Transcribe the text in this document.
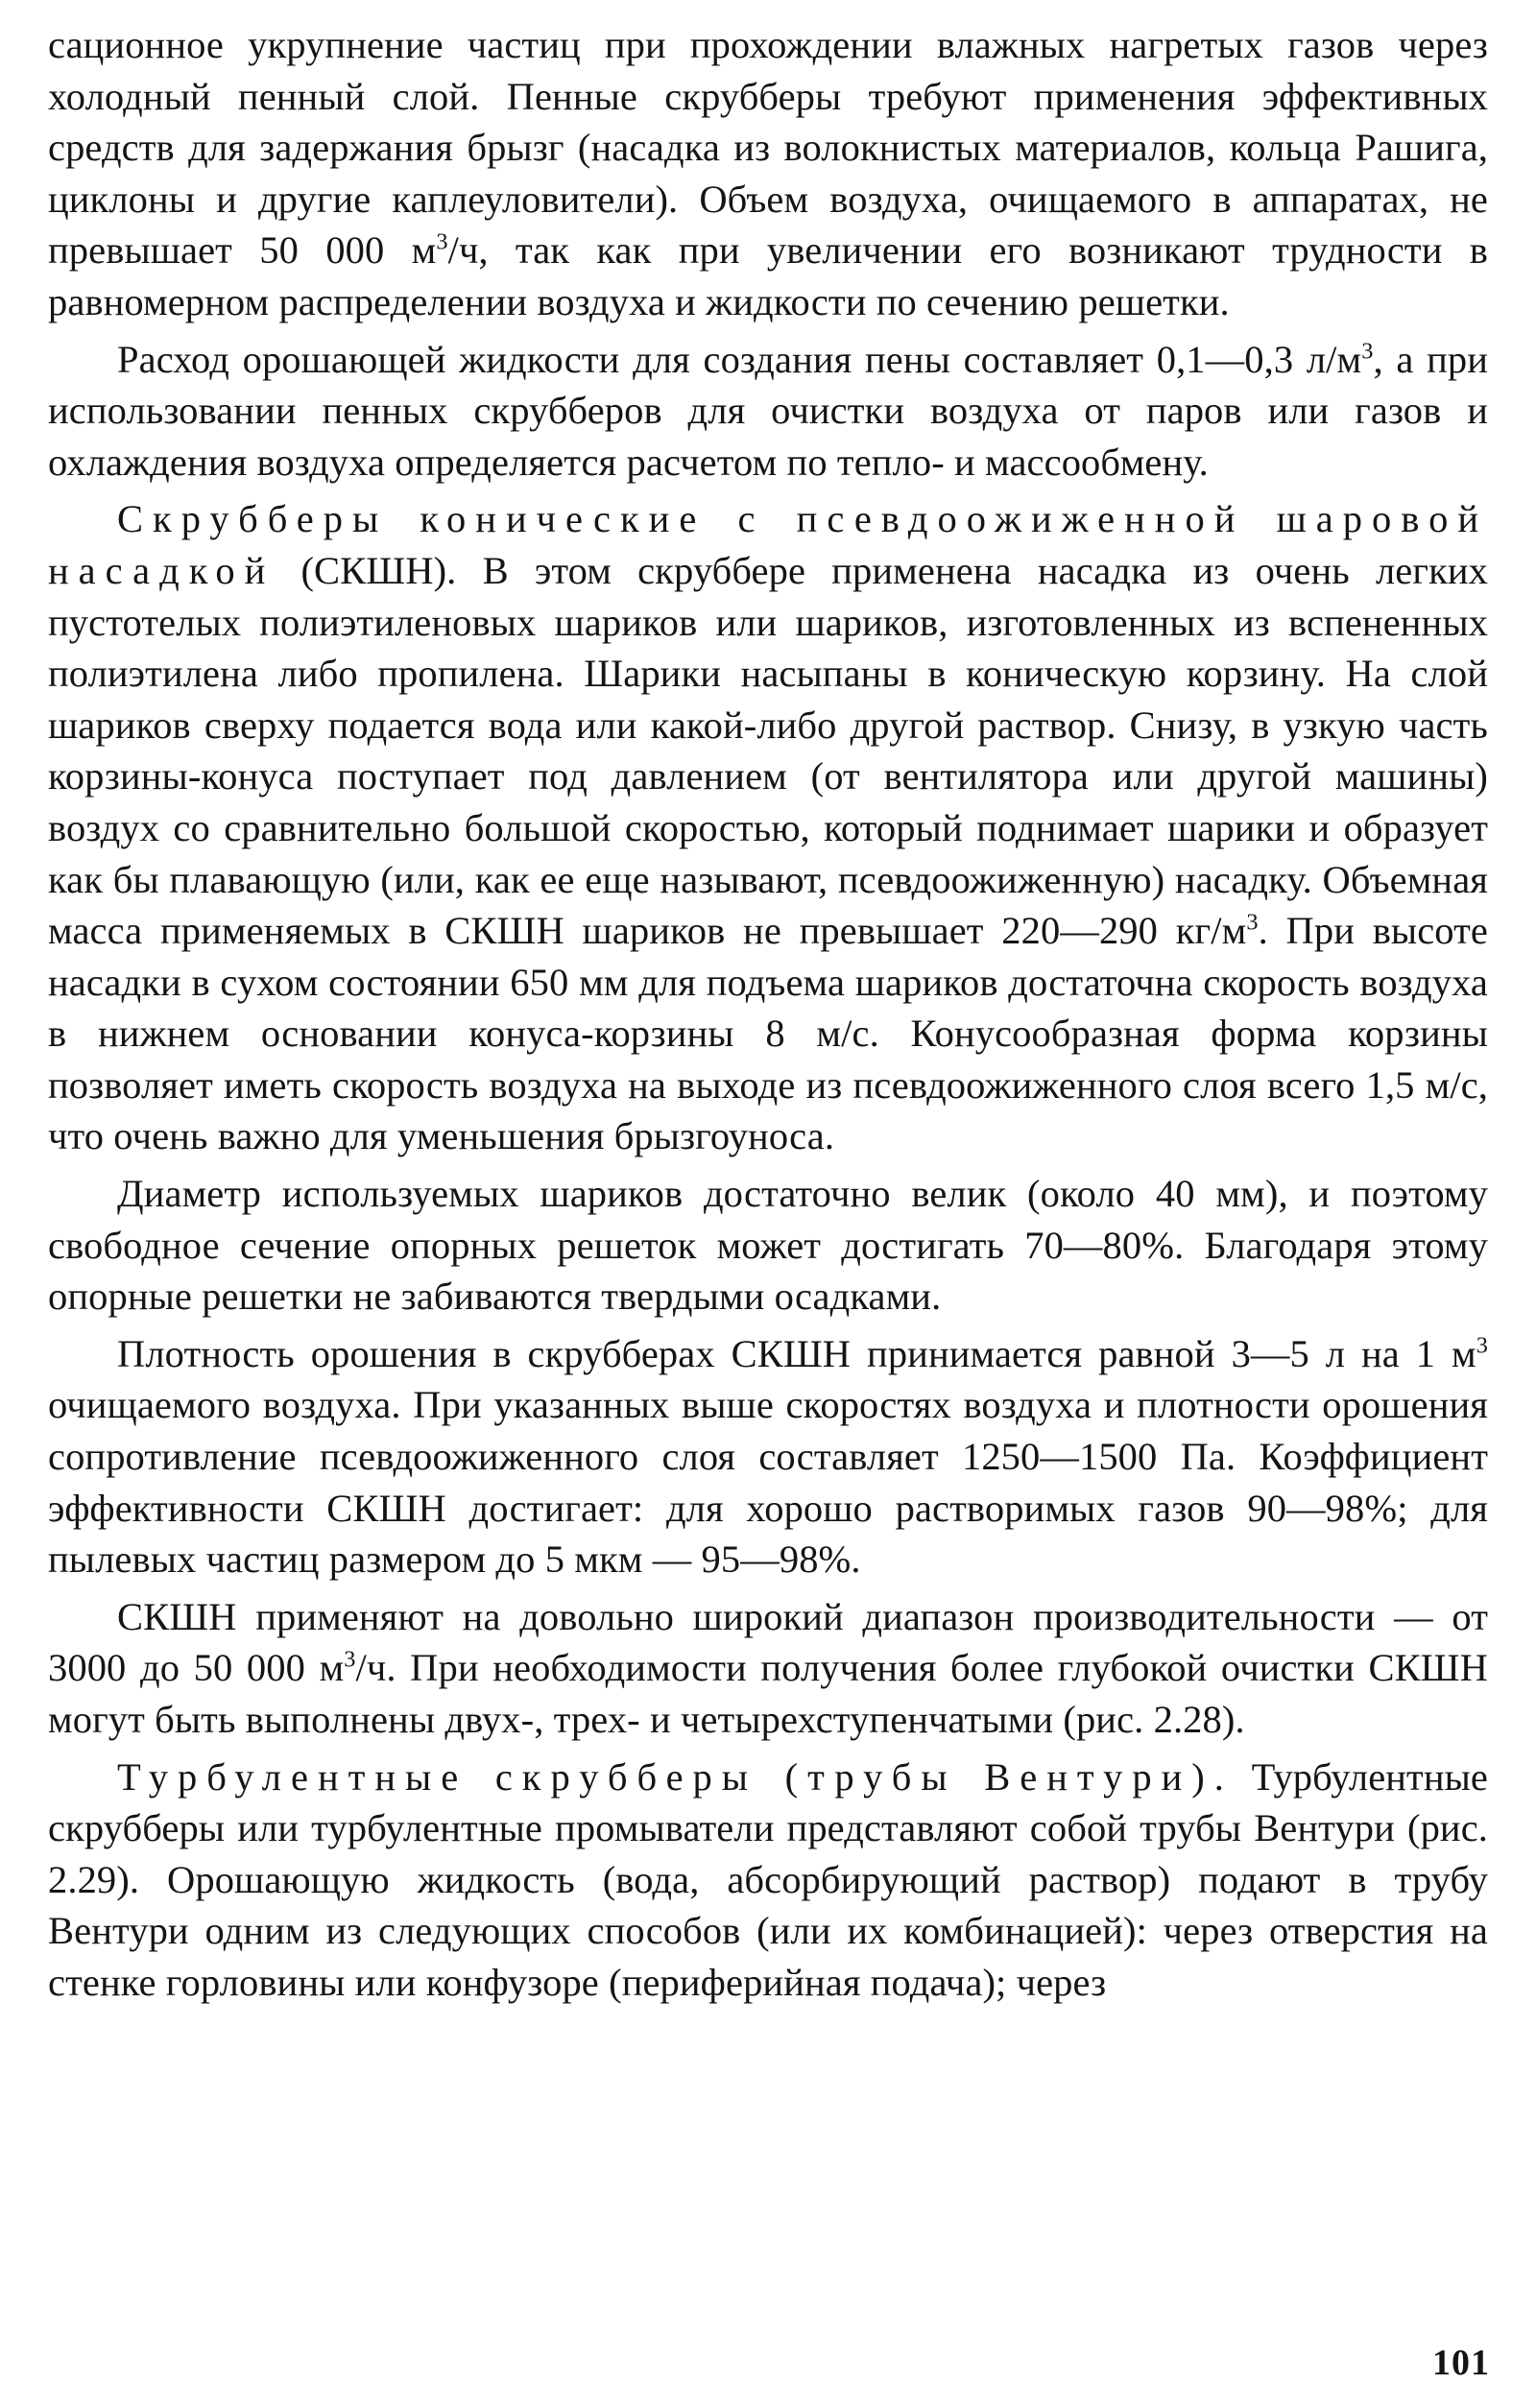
сационное укрупнение частиц при прохождении влажных нагретых газов через холодный пенный слой. Пенные скрубберы требуют применения эффективных средств для задержания брызг (насадка из волокнистых материалов, кольца Рашига, циклоны и другие каплеуловители). Объем воздуха, очищаемого в аппаратах, не превышает 50 000 $м^3/ч$, так как при увеличении его возникают трудности в равномерном распределении воздуха и жидкости по сечению решетки.

Расход орошающей жидкости для создания пены составляет 0,1—0,3 $л/м^3$, а при использовании пенных скрубберов для очистки воздуха от паров или газов и охлаждения воздуха определяется расчетом по тепло- и массообмену.

Скрубберы конические с псевдоожиженной шаровой насадкой (СКШН). В этом скруббере применена насадка из очень легких пустотелых полиэтиленовых шариков или шариков, изготовленных из вспененных полиэтилена либо пропилена. Шарики насыпаны в коническую корзину. На слой шариков сверху подается вода или какой-либо другой раствор. Снизу, в узкую часть корзины-конуса поступает под давлением (от вентилятора или другой машины) воздух со сравнительно большой скоростью, который поднимает шарики и образует как бы плавающую (или, как ее еще называют, псевдоожиженную) насадку. Объемная масса применяемых в СКШН шариков не превышает 220—290 $кг/м^3$. При высоте насадки в сухом состоянии 650 мм для подъема шариков достаточна скорость воздуха в нижнем основании конуса-корзины 8 м/с. Конусообразная форма корзины позволяет иметь скорость воздуха на выходе из псевдоожиженного слоя всего 1,5 м/с, что очень важно для уменьшения брызгоуноса.

Диаметр используемых шариков достаточно велик (около 40 мм), и поэтому свободное сечение опорных решеток может достигать 70—80%. Благодаря этому опорные решетки не забиваются твердыми осадками.

Плотность орошения в скрубберах СКШН принимается равной 3—5 л на 1 $м^3$ очищаемого воздуха. При указанных выше скоростях воздуха и плотности орошения сопротивление псевдоожиженного слоя составляет 1250—1500 Па. Коэффициент эффективности СКШН достигает: для хорошо растворимых газов 90—98%; для пылевых частиц размером до 5 мкм — 95—98%.

СКШН применяют на довольно широкий диапазон производительности — от 3000 до 50 000 $м^3/ч$. При необходимости получения более глубокой очистки СКШН могут быть выполнены двух-, трех- и четырехступенчатыми (рис. 2.28).

Турбулентные скрубберы (трубы Вентури). Турбулентные скрубберы или турбулентные промыватели представляют собой трубы Вентури (рис. 2.29). Орошающую жидкость (вода, абсорбирующий раствор) подают в трубу Вентури одним из следующих способов (или их комбинацией): через отверстия на стенке горловины или конфузоре (периферийная подача); через

101
